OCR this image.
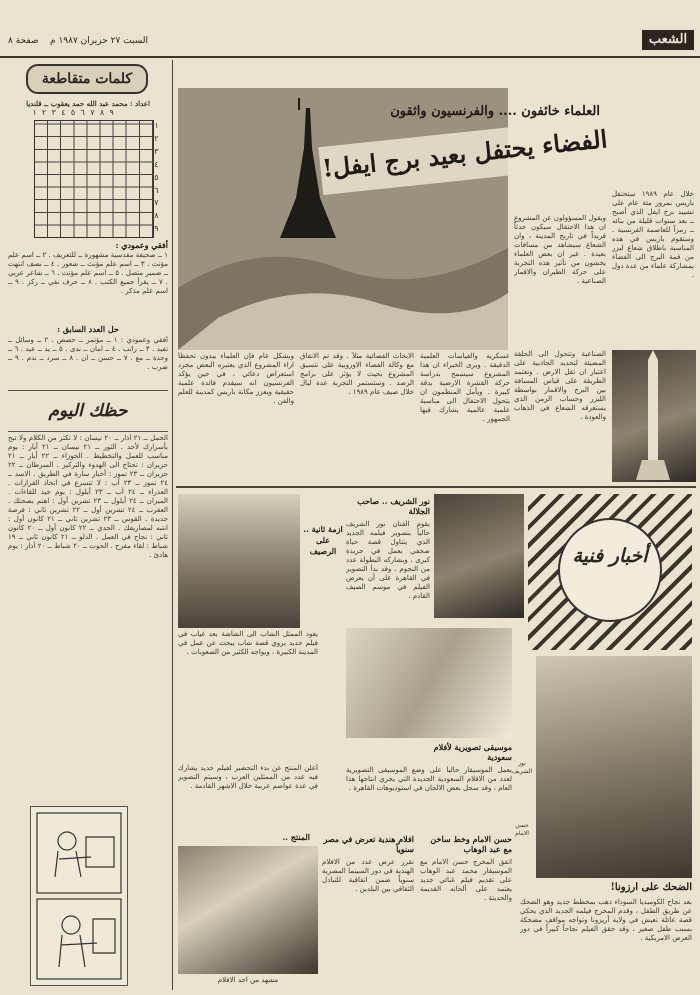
الشعب
السبت ٢٧ حزيران ١٩٨٧ م    صفحة ٨
كلمات متقاطعة
اعداد : محمد عبد الله حمد يعقوب ــ قلنديا
٩ ٨ ٧ ٦ ٥ ٤ ٣ ٢ ١
١ ٢ ٣ ٤ ٥ ٦ ٧ ٨ ٩
أفقي وعمودي :
١ ــ صحيفة مقدسية مشهورة ــ للتعريف . ٢ ــ اسم علم مؤنث . ٣ ــ اسم علم مؤنث ــ شعور . ٤ ــ نصف انتهت ــ ضمير متصل . ٥ ــ اسم علم مؤنث . ٦ ــ شاعر عربي . ٧ ــ يقرأ جميع الكتب . ٨ ــ حرف نفي ــ ركز . ٩ ــ اسم علم مذكر .
حل العدد السابق :
أفقي وعمودي : ١ ــ مؤتمر ــ حصص . ٢ ــ وسائل ــ تفيد . ٣ ــ راتب . ٤ ــ امان ــ ندى . ٥ ــ يد ــ عيد . ٦ ــ وحدة ــ مع . ٧ ــ حسن ــ ان . ٨ ــ سرد ــ ندم . ٩ ــ ضرب .
حظك اليوم
الحمل ــ ٢١ آذار ــ ٢٠ نيسان : لا تكثر من الكلام ولا تبح بأسرارك لأحد . الثور ــ ٢١ نيسان ــ ٢١ أيار : يوم مناسب للعمل والتخطيط . الجوزاء ــ ٢٢ أيار ــ ٢١ حزيران : تحتاج الى الهدوء والتركيز . السرطان ــ ٢٢ حزيران ــ ٢٣ تموز : أخبار سارة في الطريق . الاسد ــ ٢٤ تموز ــ ٢٣ آب : لا تتسرع في اتخاذ القرارات . العذراء ــ ٢٤ آب ــ ٢٣ أيلول : يوم جيد للقاءات . الميزان ــ ٢٤ أيلول ــ ٢٣ تشرين أول : اهتم بصحتك . العقرب ــ ٢٤ تشرين أول ــ ٢٢ تشرين ثاني : فرصة جديدة . القوس ــ ٢٣ تشرين ثاني ــ ٢١ كانون أول : انتبه لمصاريفك . الجدي ــ ٢٢ كانون أول ــ ٢٠ كانون ثاني : نجاح في العمل . الدلو ــ ٢١ كانون ثاني ــ ١٩ شباط : لقاء مفرح . الحوت ــ ٢٠ شباط ــ ٢٠ آذار : يوم هادئ .
العلماء خائفون .... والفرنسيون واثقون
الفضاء يحتفل بعيد برج ايفل!
خلال عام ١٩٨٩ ستحتفل باريس بمرور مئة عام على تشييد برج ايفل الذي أصبح ــ بعد سنوات قليلة من بنائه ــ رمزاً للعاصمة الفرنسية . وستقوم باريس في هذه المناسبة باطلاق شعاع ليزر من قمة البرج الى الفضاء بمشاركة علماء من عدة دول .
ويقول المسؤولون عن المشروع ان هذا الاحتفال سيكون حدثاً فريداً في تاريخ المدينة ، وان الشعاع سيشاهد من مسافات بعيدة . غير ان بعض العلماء يخشون من تأثير هذه التجربة على حركة الطيران والاقمار الصناعية .
الصناعية وتتحول الى الحلقة المضيئة لتحديد الجاذبية على اعتبار ان ثقل الارض . وتعتمد الطريقة على قياس المسافة بين البرج والاقمار بواسطة الليزر وحساب الزمن الذي يستغرقه الشعاع في الذهاب والعودة .
عسكرية والقياسات العلمية الدقيقة . ويرى الخبراء ان هذا المشروع سيسمح بدراسة حركة القشرة الارضية بدقة كبيرة . ويأمل المنظمون ان يتحول الاحتفال الى مناسبة علمية عالمية يشارك فيها الجمهور .
الابحاث الفضائية مثلاً . وقد تم الاتفاق مع وكالة الفضاء الاوروبية على تنسيق المشروع بحيث لا يؤثر على برامج الرصد . وستستمر التجربة عدة ليال خلال صيف عام ١٩٨٩ .
وبشكل عام فإن العلماء يبدون تحفظاً ازاء المشروع الذي يعتبره البعض مجرد استعراض دعائي ، في حين يؤكد الفرنسيون انه سيقدم فائدة علمية حقيقية ويعزز مكانة باريس كمدينة للعلم والفن .
أخبار فنية
نور الشريف .. صاحب الجلالة
يقوم الفنان نور الشريف حالياً بتصوير فيلمه الجديد الذي يتناول قصة حياة صحفي يعمل في جريدة كبرى ، ويشاركه البطولة عدد من النجوم . وقد بدأ التصوير في القاهرة على أن يعرض الفيلم في موسم الصيف القادم .
ازمة ثانية .. على الرصيف
يعود الممثل الشاب الى الشاشة بعد غياب في فيلم جديد يروي قصة شاب يبحث عن عمل في المدينة الكبيرة ، ويواجه الكثير من الصعوبات .
موسيقى تصويرية لأفلام سعودية
يعمل الموسيقار حالياً على وضع الموسيقى التصويرية لعدد من الافلام السعودية الجديدة التي يجري انتاجها هذا العام ، وقد سجل بعض الالحان في استوديوهات القاهرة .
أعلن المنتج عن بدء التحضير لفيلم جديد يشارك فيه عدد من الممثلين العرب ، وسيتم التصوير في عدة عواصم عربية خلال الاشهر القادمة .
المنتج ..	حسن الامام وخط ساخن مع عبد الوهاب
اتفق المخرج حسن الامام مع الموسيقار محمد عبد الوهاب على تقديم فيلم غنائي جديد يعتمد على ألحانه القديمة والحديثة .
افلام هندية تعرض في مصر سنوياً
تقرر عرض عدد من الافلام الهندية في دور السينما المصرية سنوياً ضمن اتفاقية للتبادل الثقافي بين البلدين .
مشهد من احد الافلام
نور الشريف
حسن الامام
الضحك على ارزونا!
بعد نجاح الكوميديا السوداء ذهب بمخطط جديد وهو الضحك عن طريق الطفل ، وقدم المخرج فيلمه الجديد الذي يحكي قصة عائلة تعيش في ولاية أريزونا وتواجه مواقف مضحكة بسبب طفل صغير ، وقد حقق الفيلم نجاحاً كبيراً في دور العرض الامريكية .
